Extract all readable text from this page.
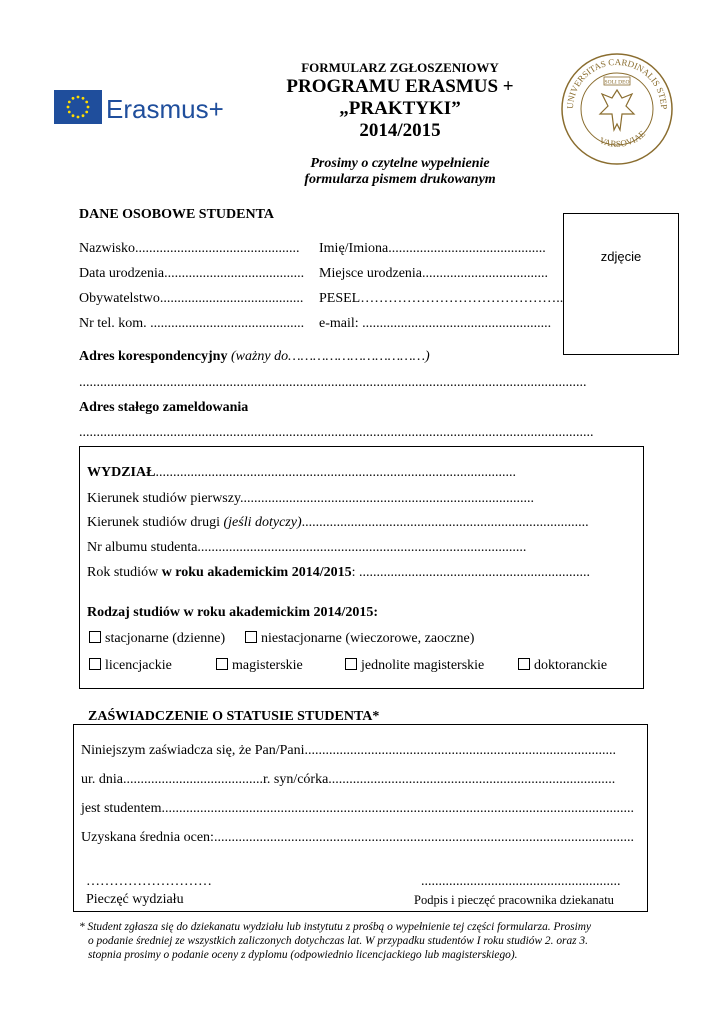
Erasmus+
FORMULARZ ZGŁOSZENIOWY
PROGRAMU ERASMUS +
„PRAKTYKI”
2014/2015
Prosimy o czytelne wypełnienie
formularza pismem drukowanym
UNIVERSITAS CARDINALIS STEP
VARSOVIAE
SOLI DEO
zdjęcie
DANE OSOBOWE STUDENTA
Nazwisko............................................... Imię/Imiona.............................................
Data urodzenia........................................ Miejsce urodzenia....................................
Obywatelstwo......................................... PESEL……………………………………..
Nr tel. kom. ............................................ e-mail: ......................................................
Adres korespondencyjny (ważny do……………………………)
.................................................................................................................................................
Adres stałego zameldowania
...................................................................................................................................................
WYDZIAŁ.......................................................................................................
Kierunek studiów pierwszy....................................................................................
Kierunek studiów drugi (jeśli dotyczy)..................................................................................
Nr albumu studenta..............................................................................................
Rok studiów w roku akademickim 2014/2015: ..................................................................
Rodzaj studiów w roku akademickim 2014/2015:
stacjonarne (dzienne)	niestacjonarne (wieczorowe, zaoczne)
licencjackie	magisterskie	jednolite magisterskie	doktoranckie
ZAŚWIADCZENIE O STATUSIE STUDENTA*
Niniejszym zaświadcza się, że Pan/Pani.........................................................................................
ur. dnia........................................r. syn/córka..................................................................................
jest studentem.......................................................................................................................................
Uzyskana średnia ocen:........................................................................................................................
………………………
Pieczęć wydziału
.........................................................
Podpis i pieczęć pracownika dziekanatu
* Student zgłasza się do dziekanatu wydziału lub instytutu z prośbą o wypełnienie tej części formularza. Prosimy
o podanie średniej ze wszystkich zaliczonych dotychczas lat. W przypadku studentów I roku studiów 2. oraz 3.
stopnia prosimy o podanie oceny z dyplomu (odpowiednio licencjackiego lub magisterskiego).
